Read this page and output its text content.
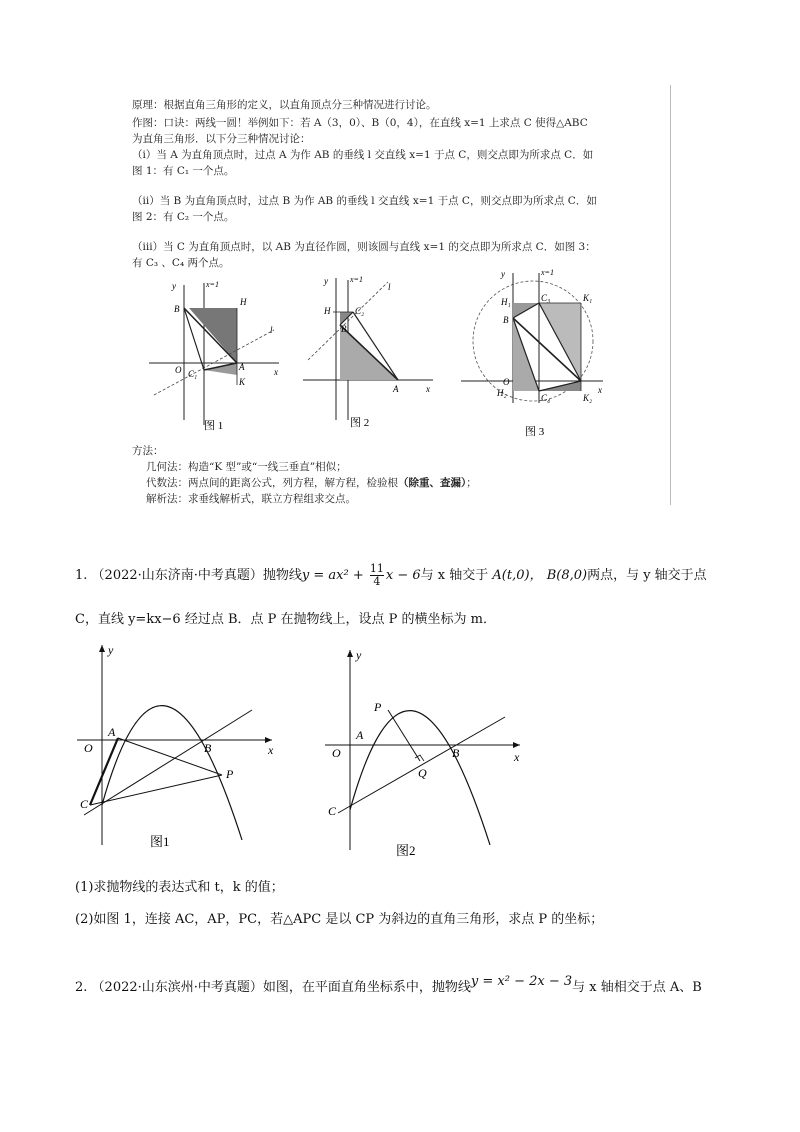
原理：根据直角三角形的定义，以直角顶点分三种情况进行讨论。
作图：口诀：两线一圆！举例如下：若 A（3，0）、B（0，4），在直线 x=1 上求点 C 使得△ABC
为直角三角形．以下分三种情况讨论：
（i）当 A 为直角顶点时，过点 A 为作 AB 的垂线 l 交直线 x=1 于点 C，则交点即为所求点 C．如
图 1：有 C₁ 一个点。
（ii）当 B 为直角顶点时，过点 B 为作 AB 的垂线 l 交直线 x=1 于点 C，则交点即为所求点 C．如
图 2：有 C₂ 一个点。
（iii）当 C 为直角顶点时，以 AB 为直径作圆，则该圆与直线 x=1 的交点即为所求点 C．如图 3：
有 C₃ 、C₄ 两个点。
y	x=1
x
O
B
H
A
K
C₁
l
图 1
y	x=1
x
H
B
C₂
A
l
图 2
y	x=1
x
H₁	C₃	K₁
B
O
H₂	C₄	K₂
图 3
方法：
几何法：构造“K 型”或“一线三垂直”相似；
代数法：两点间的距离公式，列方程，解方程，检验根（除重、查漏）；
解析法：求垂线解析式，联立方程组求交点。
1. （2022·山东济南·中考真题）抛物线$y = ax^2 + \frac{11}{4}$ x − 6与 x 轴交于 A(t,0)， B(8,0)两点，与 y 轴交于点
C，直线 y=kx−6 经过点 B．点 P 在抛物线上，设点 P 的横坐标为 m．
y
x
O
A
B
C
P
图1
y
x
O
A
P
B
Q
C
图2
(1)求抛物线的表达式和 t，k 的值；
(2)如图 1，连接 AC，AP，PC，若△APC 是以 CP 为斜边的直角三角形，求点 P 的坐标；
2. （2022·山东滨州·中考真题）如图，在平面直角坐标系中，抛物线y = x² − 2x − 3与 x 轴相交于点 A、B
